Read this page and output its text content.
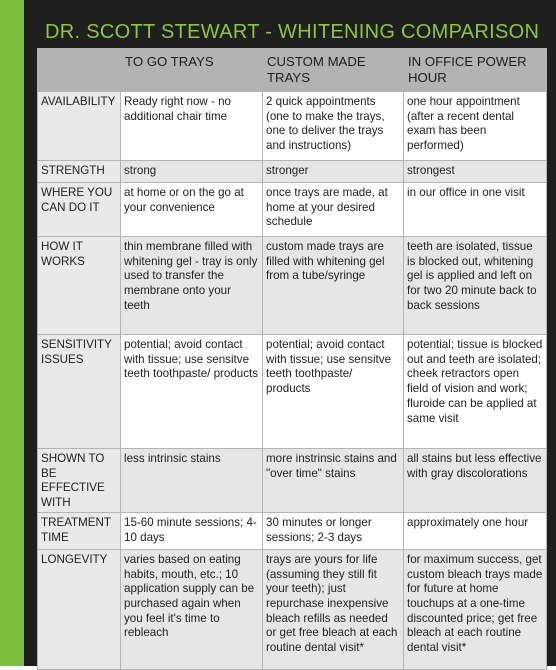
DR. SCOTT STEWART - WHITENING COMPARISON
	TO GO TRAYS	CUSTOM MADE TRAYS	IN OFFICE POWER HOUR
AVAILABILITY	Ready right now - no additional chair time	2 quick appointments (one to make the trays, one to deliver the trays and instructions)	one hour appointment (after a recent dental exam has been performed)
STRENGTH	strong	stronger	strongest
WHERE YOU CAN DO IT	at home or on the go at your convenience	once trays are made, at home at your desired schedule	in our office in one visit
HOW IT WORKS	thin membrane filled with whitening gel - tray is only used to transfer the membrane onto your teeth	custom made trays are filled with whitening gel from a tube/syringe	teeth are isolated, tissue is blocked out, whitening gel is applied and left on for two 20 minute back to back sessions
SENSITIVITY ISSUES	potential; avoid contact with tissue; use sensitve teeth toothpaste/ products	potential; avoid contact with tissue; use sensitve teeth toothpaste/ products	potential; tissue is blocked out and teeth are isolated; cheek retractors open field of vision and work; fluroide can be applied at same visit
SHOWN TO BE EFFECTIVE WITH	less intrinsic stains	more instrinsic stains and "over time" stains	all stains but less effective with gray discolorations
TREATMENT TIME	15-60 minute sessions; 4-10 days	30 minutes or longer sessions; 2-3 days	approximately one hour
LONGEVITY	varies based on eating habits, mouth, etc.; 10 application supply can be purchased again when you feel it's time to rebleach	trays are yours for life (assuming they still fit your teeth); just repurchase inexpensive bleach refills as needed or get free bleach at each routine dental visit*	for maximum success, get custom bleach trays made for future at home touchups at a one-time discounted price; get free bleach at each routine dental visit*
